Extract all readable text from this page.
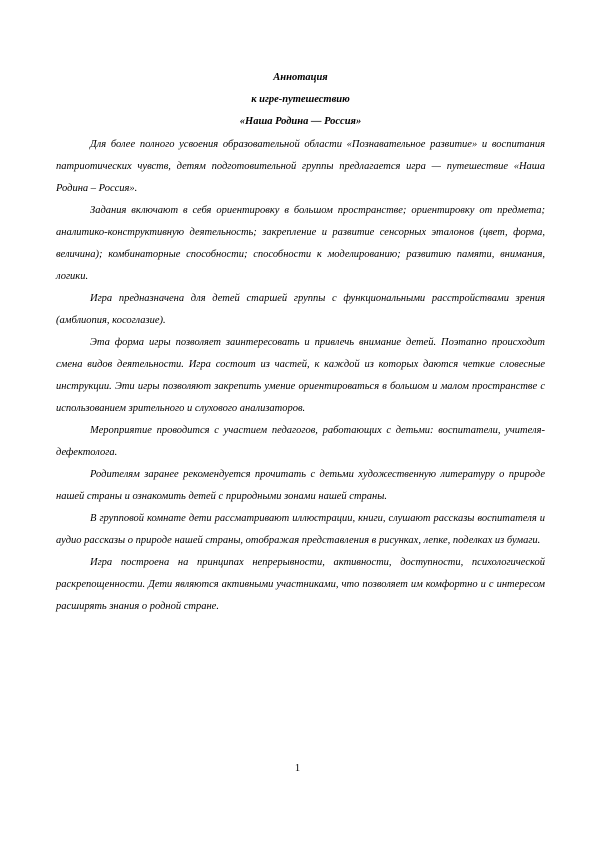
Аннотация

к игре-путешествию

«Наша Родина — Россия»

Для более полного усвоения образовательной области «Познавательное развитие» и воспитания патриотических чувств, детям подготовительной группы предлагается игра — путешествие «Наша Родина – Россия».

Задания включают в себя ориентировку в большом пространстве; ориентировку от предмета; аналитико-конструктивную деятельность; закрепление и развитие сенсорных эталонов (цвет, форма, величина); комбинаторные способности; способности к моделированию; развитию памяти, внимания, логики.

Игра предназначена для детей старшей группы с функциональными расстройствами зрения (амблиопия, косоглазие).

Эта форма игры позволяет заинтересовать и привлечь внимание детей. Поэтапно происходит смена видов деятельности. Игра состоит из частей, к каждой из которых даются четкие словесные инструкции. Эти игры позволяют закрепить умение ориентироваться в большом и малом пространстве с использованием зрительного и слухового анализаторов.

Мероприятие проводится с участием педагогов, работающих с детьми: воспитатели, учителя-дефектолога.

Родителям заранее рекомендуется прочитать с детьми художественную литературу о природе нашей страны и ознакомить детей с природными зонами нашей страны.

В групповой комнате дети рассматривают иллюстрации, книги, слушают рассказы воспитателя и аудио рассказы о природе нашей страны, отображая представления в рисунках, лепке, поделках из бумаги.

Игра построена на принципах непрерывности, активности, доступности, психологической раскрепощенности. Дети являются активными участниками, что позволяет им комфортно и с интересом расширять знания о родной стране.

1
